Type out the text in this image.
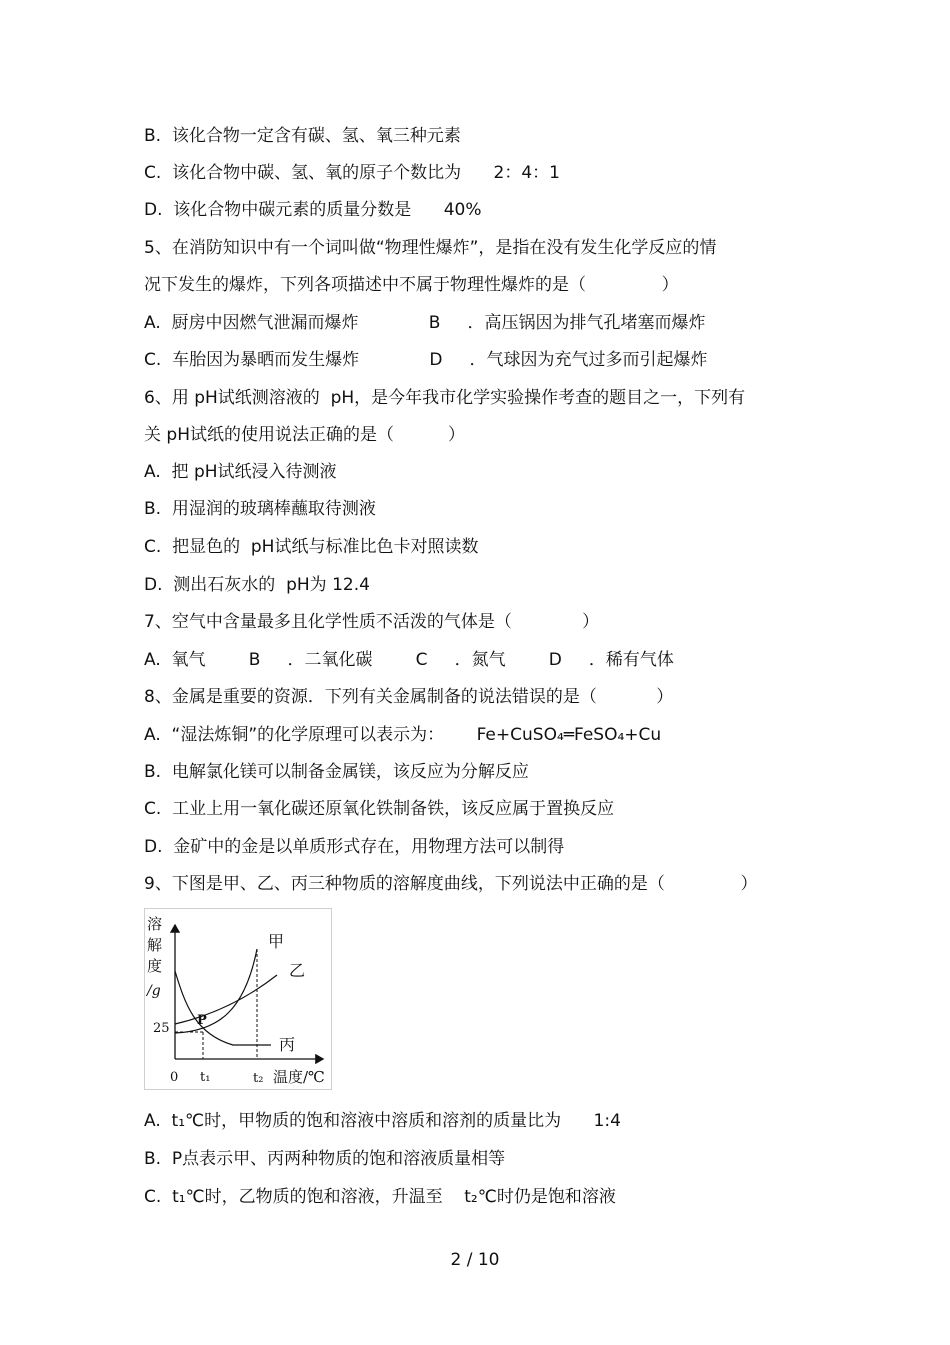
B.  该化合物一定含有碳、氢、氧三种元素
C.  该化合物中碳、氢、氧的原子个数比为      2：4：1
D.  该化合物中碳元素的质量分数是      40%
5、在消防知识中有一个词叫做“物理性爆炸”，是指在没有发生化学反应的情
况下发生的爆炸，下列各项描述中不属于物理性爆炸的是（              ）
A.  厨房中因燃气泄漏而爆炸             B     ．高压锅因为排气孔堵塞而爆炸
C.  车胎因为暴晒而发生爆炸             D     ．气球因为充气过多而引起爆炸
6、用 pH试纸测溶液的  pH，是今年我市化学实验操作考查的题目之一，下列有
关 pH试纸的使用说法正确的是（          ）
A.  把 pH试纸浸入待测液
B.  用湿润的玻璃棒蘸取待测液
C.  把显色的  pH试纸与标准比色卡对照读数
D.  测出石灰水的  pH为 12.4
7、空气中含量最多且化学性质不活泼的气体是（             ）
A.  氧气        B     ．二氧化碳        C     ．氮气        D     ．稀有气体
8、金属是重要的资源．下列有关金属制备的说法错误的是（           ）
A.  “湿法炼铜”的化学原理可以表示为：      Fe+CuSO₄═FeSO₄+Cu
B.  电解氯化镁可以制备金属镁，该反应为分解反应
C.  工业上用一氧化碳还原氧化铁制备铁，该反应属于置换反应
D.  金矿中的金是以单质形式存在，用物理方法可以制得
9、下图是甲、乙、丙三种物质的溶解度曲线，下列说法中正确的是（              ）
A.  t₁℃时，甲物质的饱和溶液中溶质和溶剂的质量比为      1:4
B.  P点表示甲、丙两种物质的饱和溶液质量相等
C.  t₁℃时，乙物质的饱和溶液，升温至    t₂℃时仍是饱和溶液
溶
解
度
/g
25
P
甲
乙
丙
0 t₁	t₂ 温度/℃
2 / 10
